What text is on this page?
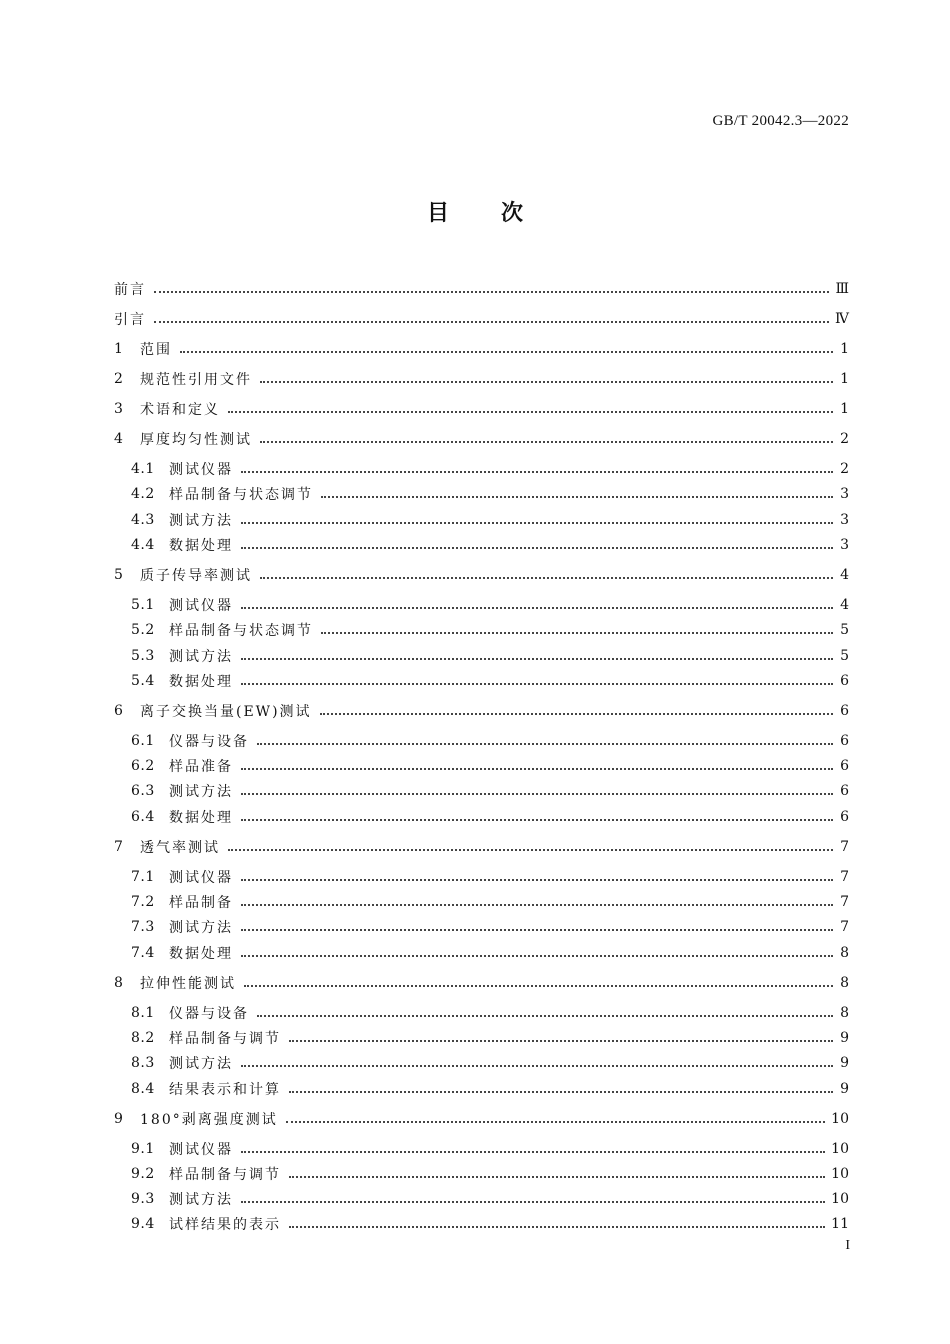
GB/T 20042.3—2022
目 次
前言	Ⅲ
引言	Ⅳ
1	范围	1
2	规范性引用文件	1
3	术语和定义	1
4	厚度均匀性测试	2
4.1	测试仪器	2
4.2	样品制备与状态调节	3
4.3	测试方法	3
4.4	数据处理	3
5	质子传导率测试	4
5.1	测试仪器	4
5.2	样品制备与状态调节	5
5.3	测试方法	5
5.4	数据处理	6
6	离子交换当量(EW)测试	6
6.1	仪器与设备	6
6.2	样品准备	6
6.3	测试方法	6
6.4	数据处理	6
7	透气率测试	7
7.1	测试仪器	7
7.2	样品制备	7
7.3	测试方法	7
7.4	数据处理	8
8	拉伸性能测试	8
8.1	仪器与设备	8
8.2	样品制备与调节	9
8.3	测试方法	9
8.4	结果表示和计算	9
9	180°剥离强度测试	10
9.1	测试仪器	10
9.2	样品制备与调节	10
9.3	测试方法	10
9.4	试样结果的表示	11
I
